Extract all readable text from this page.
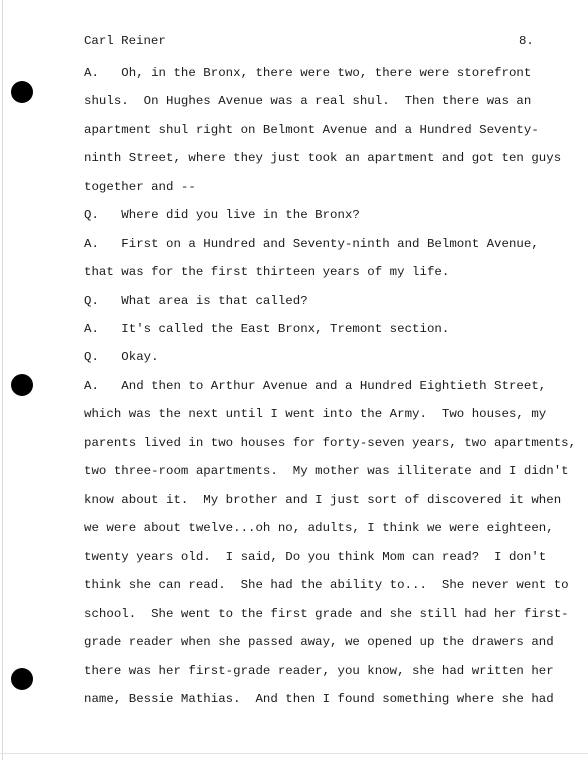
Carl Reiner	8.
A.   Oh, in the Bronx, there were two, there were storefront
shuls.  On Hughes Avenue was a real shul.  Then there was an
apartment shul right on Belmont Avenue and a Hundred Seventy-
ninth Street, where they just took an apartment and got ten guys
together and --
Q.   Where did you live in the Bronx?
A.   First on a Hundred and Seventy-ninth and Belmont Avenue,
that was for the first thirteen years of my life.
Q.   What area is that called?
A.   It's called the East Bronx, Tremont section.
Q.   Okay.
A.   And then to Arthur Avenue and a Hundred Eightieth Street,
which was the next until I went into the Army.  Two houses, my
parents lived in two houses for forty-seven years, two apartments,
two three-room apartments.  My mother was illiterate and I didn't
know about it.  My brother and I just sort of discovered it when
we were about twelve...oh no, adults, I think we were eighteen,
twenty years old.  I said, Do you think Mom can read?  I don't
think she can read.  She had the ability to...  She never went to
school.  She went to the first grade and she still had her first-
grade reader when she passed away, we opened up the drawers and
there was her first-grade reader, you know, she had written her
name, Bessie Mathias.  And then I found something where she had
